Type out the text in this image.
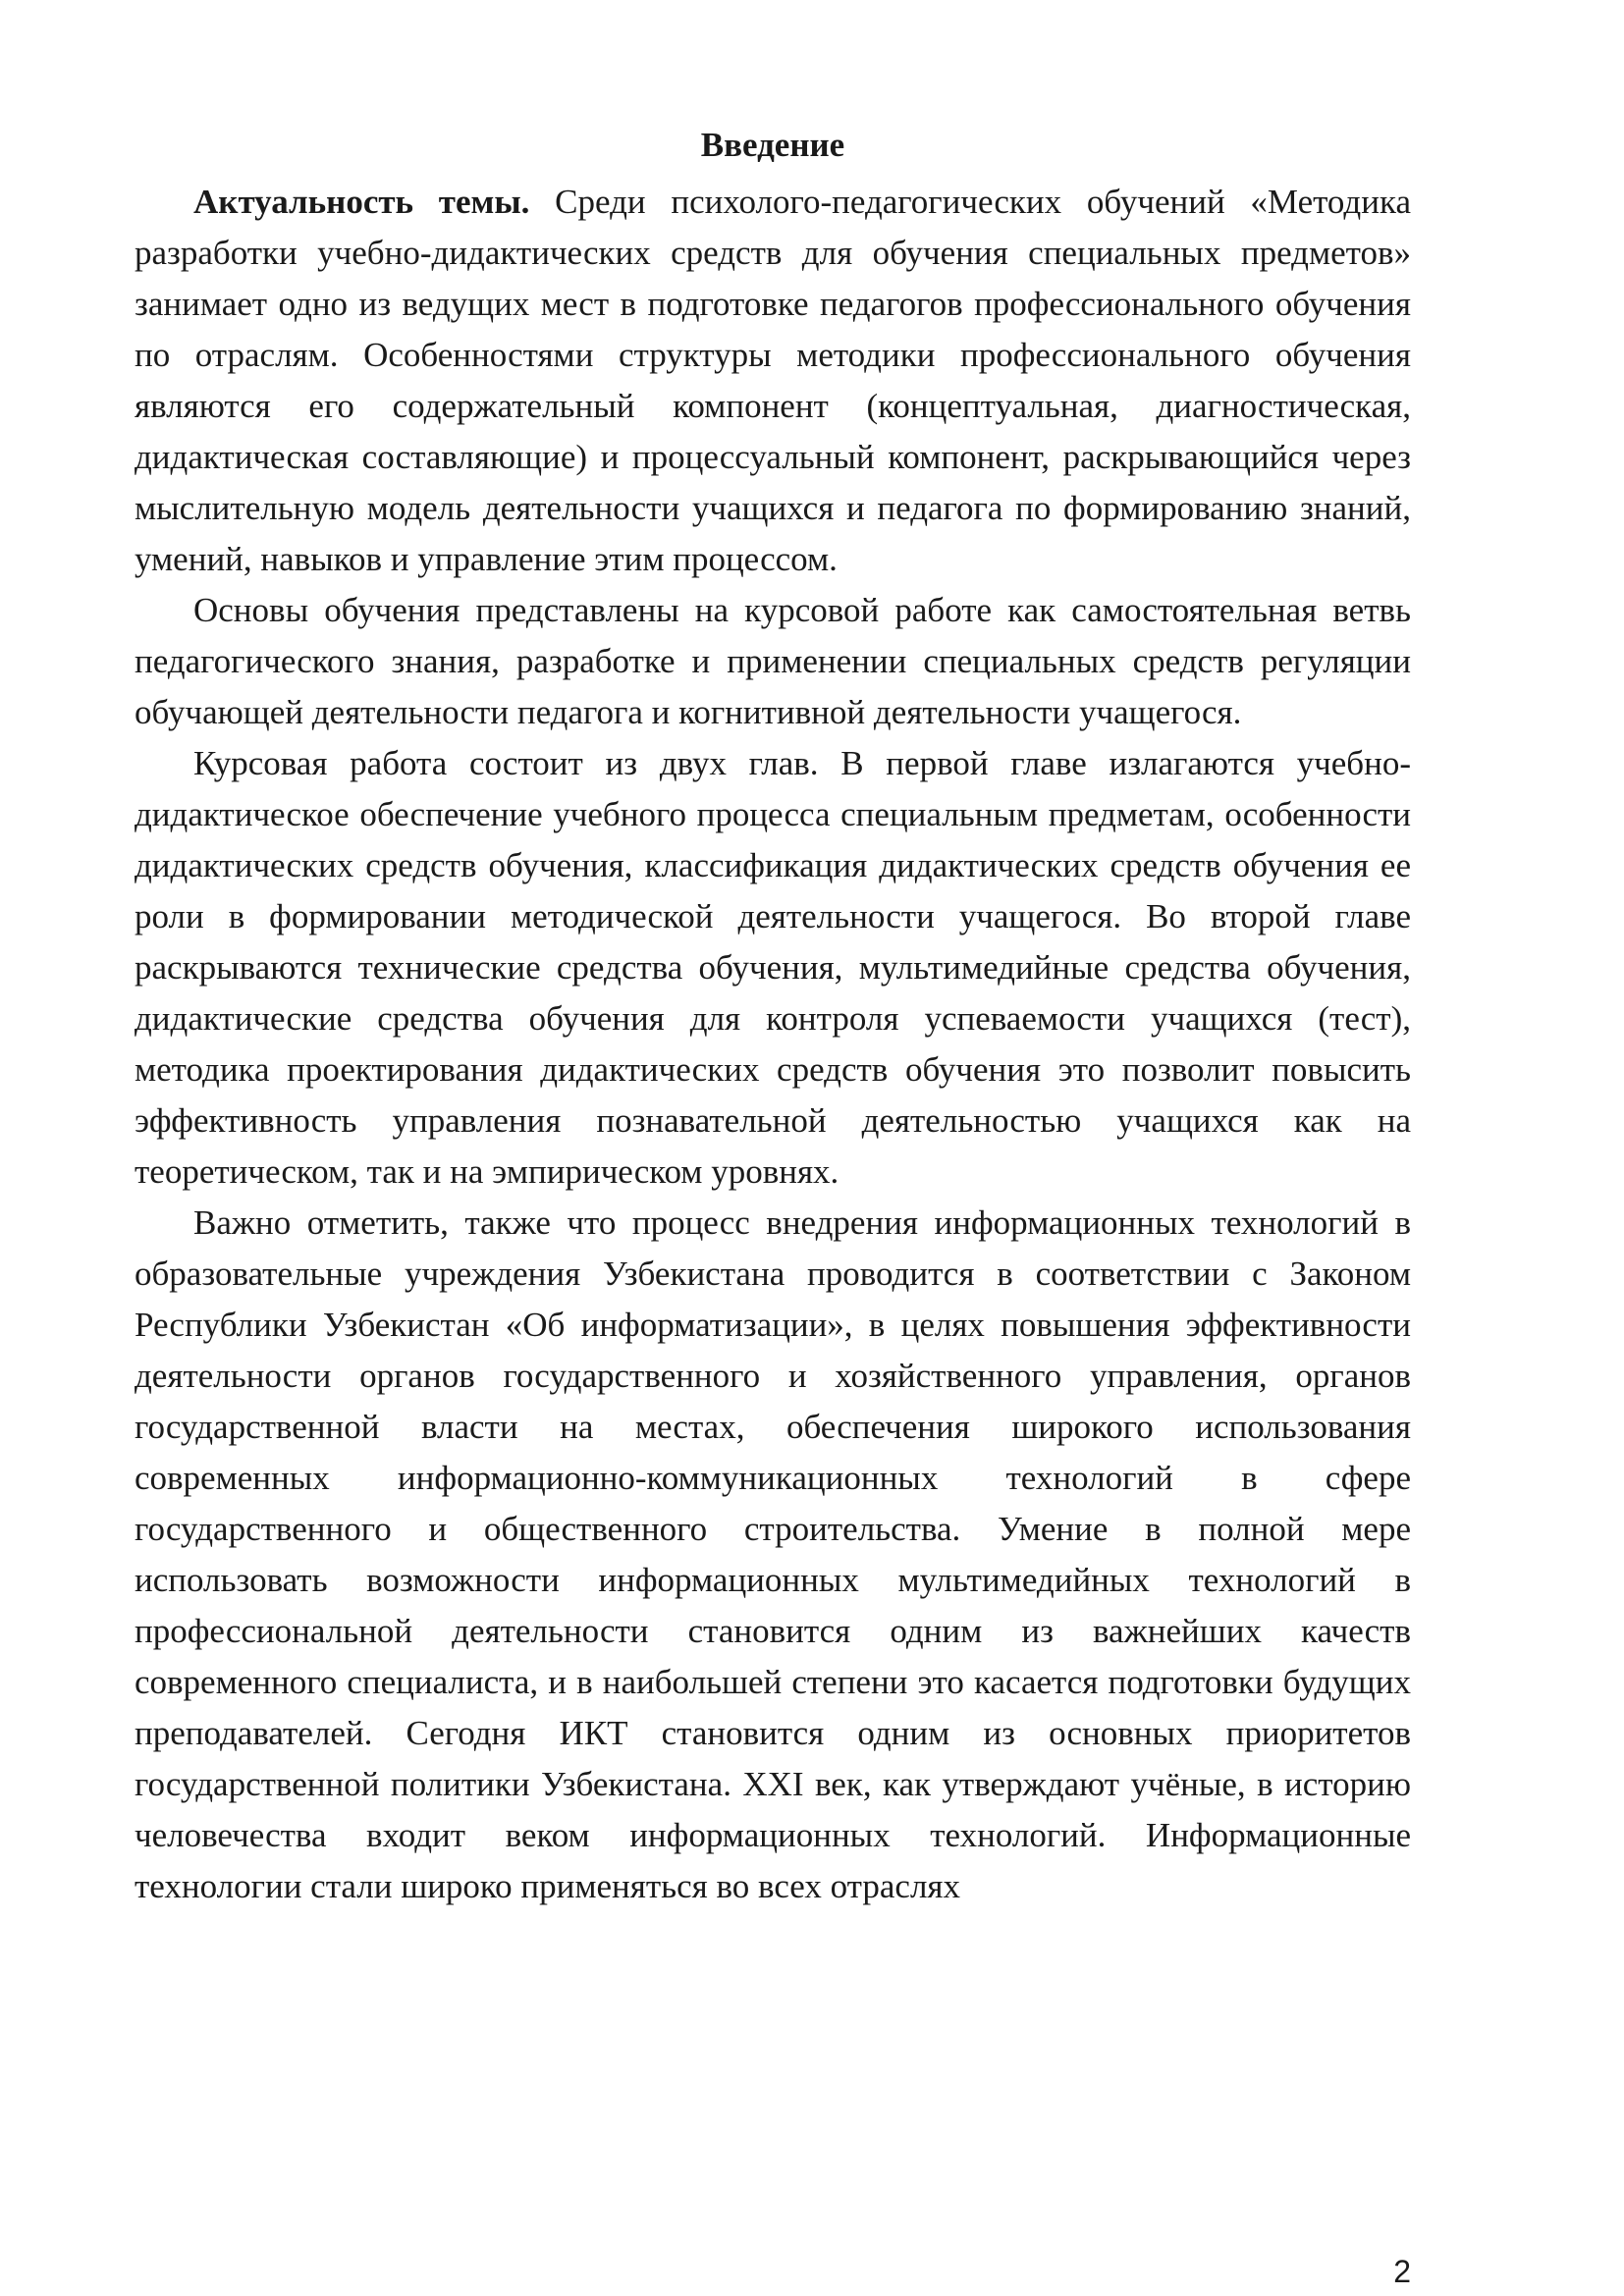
Введение

Актуальность темы. Среди психолого-педагогических обучений «Методика разработки учебно-дидактических средств для обучения специальных предметов» занимает одно из ведущих мест в подготовке педагогов профессионального обучения по отраслям. Особенностями структуры методики профессионального обучения являются его содержательный компонент (концептуальная, диагностическая, дидактическая составляющие) и процессуальный компонент, раскрывающийся через мыслительную модель деятельности учащихся и педагога по формированию знаний, умений, навыков и управление этим процессом.

Основы обучения представлены на курсовой работе как самостоятельная ветвь педагогического знания, разработке и применении специальных средств регуляции обучающей деятельности педагога и когнитивной деятельности учащегося.

Курсовая работа состоит из двух глав. В первой главе излагаются учебно-дидактическое обеспечение учебного процесса специальным предметам, особенности дидактических средств обучения, классификация дидактических средств обучения ее роли в формировании методической деятельности учащегося. Во второй главе раскрываются технические средства обучения, мультимедийные средства обучения, дидактические средства обучения для контроля успеваемости учащихся (тест), методика проектирования дидактических средств обучения это позволит повысить эффективность управления познавательной деятельностью учащихся как на теоретическом, так и на эмпирическом уровнях.

Важно отметить, также что процесс внедрения информационных технологий в образовательные учреждения Узбекистана проводится в соответствии с Законом Республики Узбекистан «Об информатизации», в целях повышения эффективности деятельности органов государственного и хозяйственного управления, органов государственной власти на местах, обеспечения широкого использования современных информационно-коммуникационных технологий в сфере государственного и общественного строительства. Умение в полной мере использовать возможности информационных мультимедийных технологий в профессиональной деятельности становится одним из важнейших качеств современного специалиста, и в наибольшей степени это касается подготовки будущих преподавателей. Сегодня ИКТ становится одним из основных приоритетов государственной политики Узбекистана. XXI век, как утверждают учёные, в историю человечества входит веком информационных технологий. Информационные технологии стали широко применяться во всех отраслях

2
